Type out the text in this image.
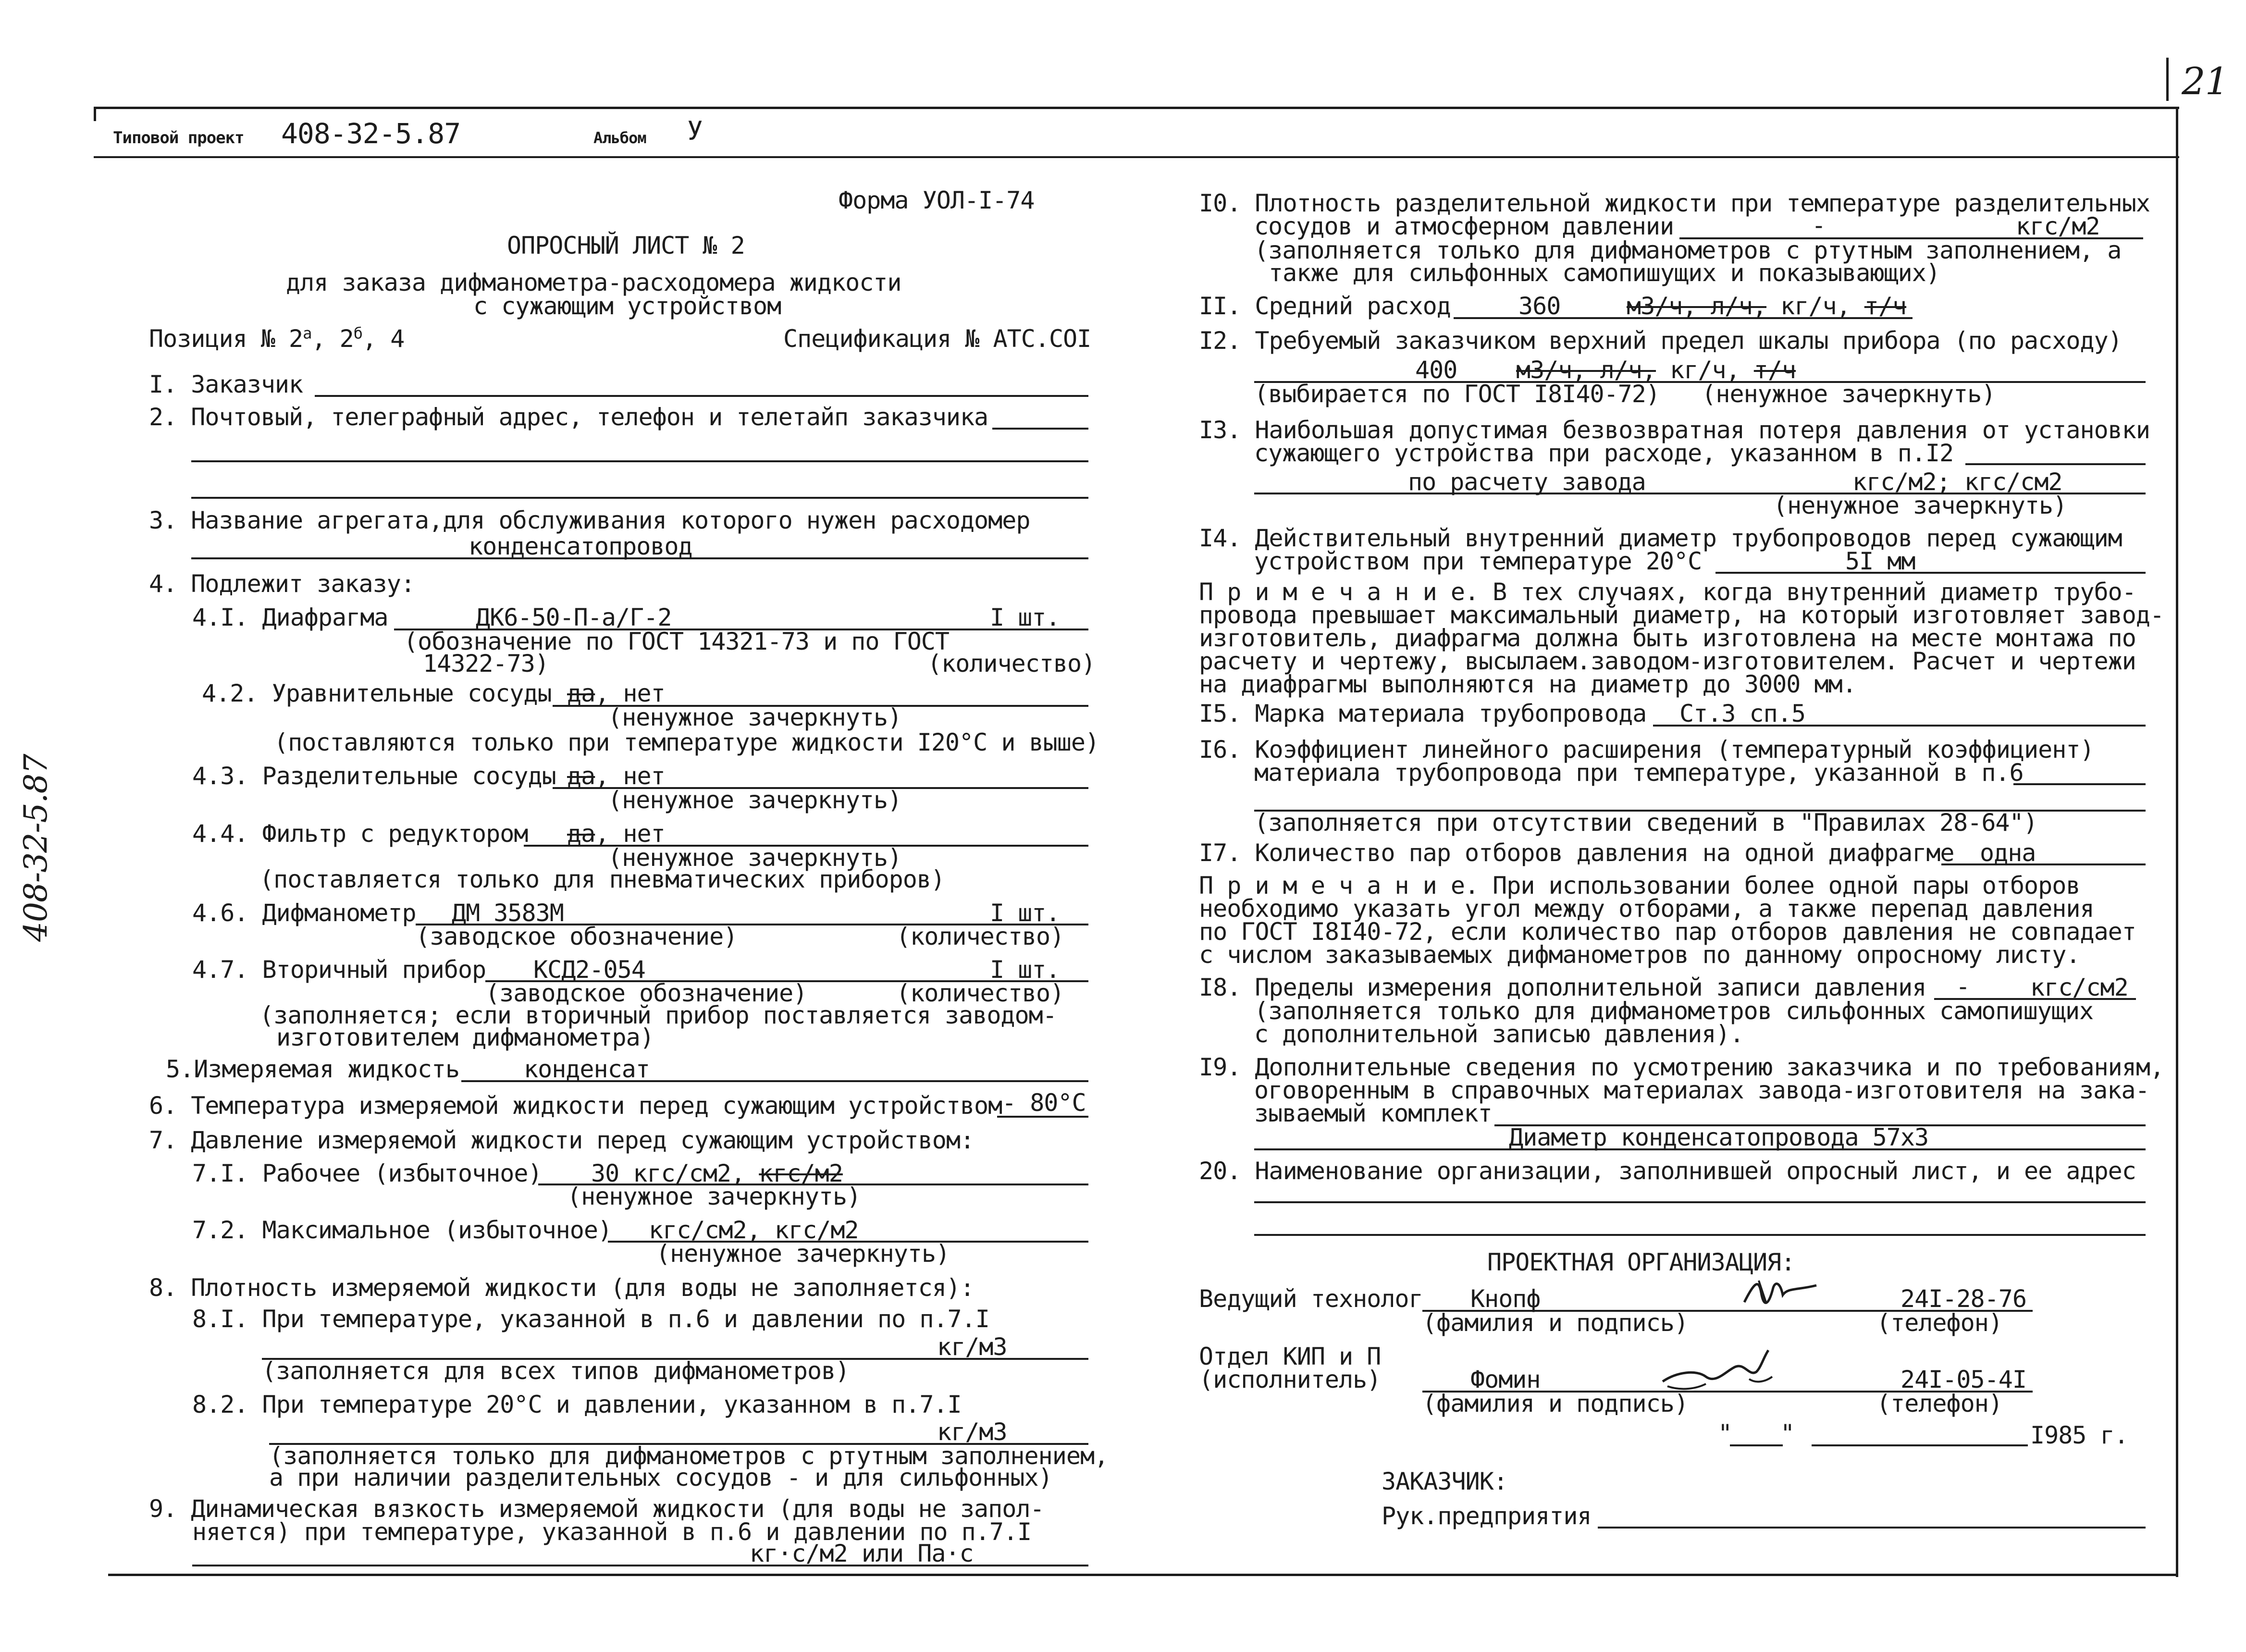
21
408-32-5.87
Типовой проект 408-32-5.87	Альбом У
Форма УОЛ-I-74
ОПРОСНЫЙ ЛИСТ № 2
для заказа дифманометра-расходомера жидкости
с сужающим устройством
Позиция № $2^а$, $2^б$, 4	Спецификация № АТС.СОI
I. Заказчик
2. Почтовый, телеграфный адрес, телефон и телетайп заказчика
3. Название агрегата,для обслуживания которого нужен расходомер
конденсатопровод
4. Подлежит заказу:
4.I. Диафрагма	ДК6-50-П-а/Г-2	I шт.
(обозначение по ГОСТ 14321-73 и по ГОСТ
14322-73)	(количество)
4.2. Уравнительные сосуды да, нет
(ненужное зачеркнуть)
(поставляются только при температуре жидкости I20°C и выше)
4.3. Разделительные сосуды да, нет
(ненужное зачеркнуть)
4.4. Фильтр с редуктором да, нет
(ненужное зачеркнуть)
(поставляется только для пневматических приборов)
4.6. Дифманометр ДМ 3583М	I шт.
(заводское обозначение)	(количество)
4.7. Вторичный прибор КСД2-054	I шт.
(заводское обозначение)	(количество)
(заполняется; если вторичный прибор поставляется заводом-
изготовителем дифманометра)
5.Измеряемая жидкость	конденсат
6. Температура измеряемой жидкости перед сужающим устройством - 80°C
7. Давление измеряемой жидкости перед сужающим устройством:
7.I. Рабочее (избыточное) 30 кгс/см2, кгс/м2
(ненужное зачеркнуть)
7.2. Максимальное (избыточное) кгс/см2, кгс/м2
(ненужное зачеркнуть)
8. Плотность измеряемой жидкости (для воды не заполняется):
8.I. При температуре, указанной в п.6 и давлении по п.7.I
кг/м3
(заполняется для всех типов дифманометров)
8.2. При температуре 20°C и давлении, указанном в п.7.I
кг/м3
(заполняется только для дифманометров с ртутным заполнением,
а при наличии разделительных сосудов - и для сильфонных)
9. Динамическая вязкость измеряемой жидкости (для воды не запол-
няется) при температуре, указанной в п.6 и давлении по п.7.I
кг·с/м2 или Па·с
I0. Плотность разделительной жидкости при температуре разделительных
сосудов и атмосферном давлении	-	кгс/м2
(заполняется только для дифманометров с ртутным заполнением, а
также для сильфонных самопишущих и показывающих)
II. Средний расход	360	м3/ч, л/ч, кг/ч, т/ч
I2. Требуемый заказчиком верхний предел шкалы прибора (по расходу)
400 м3/ч, л/ч, кг/ч, т/ч
(выбирается по ГОСТ I8I40-72)   (ненужное зачеркнуть)
I3. Наибольшая допустимая безвозвратная потеря давления от установки
сужающего устройства при расходе, указанном в п.I2
по расчету завода	кгс/м2; кгс/см2
(ненужное зачеркнуть)
I4. Действительный внутренний диаметр трубопроводов перед сужающим
устройством при температуре 20°C	5I мм
П р и м е ч а н и е. В тех случаях, когда внутренний диаметр трубо-
провода превышает максимальный диаметр, на который изготовляет завод-
изготовитель, диафрагма должна быть изготовлена на месте монтажа по
расчету и чертежу, высылаем.заводом-изготовителем. Расчет и чертежи
на диафрагмы выполняются на диаметр до 3000 мм.
I5. Марка материала трубопровода Ст.3 сп.5
I6. Коэффициент линейного расширения (температурный коэффициент)
материала трубопровода при температуре, указанной в п.6
(заполняется при отсутствии сведений в "Правилах 28-64")
I7. Количество пар отборов давления на одной диафрагме одна
П р и м е ч а н и е. При использовании более одной пары отборов
необходимо указать угол между отборами, а также перепад давления
по ГОСТ I8I40-72, если количество пар отборов давления не совпадает
с числом заказываемых дифманометров по данному опросному листу.
I8. Пределы измерения дополнительной записи давления -	кгс/см2
(заполняется только для дифманометров сильфонных самопишущих
с дополнительной записью давления).
I9. Дополнительные сведения по усмотрению заказчика и по требованиям,
оговоренным в справочных материалах завода-изготовителя на зака-
зываемый комплект
Диаметр конденсатопровода 57х3
20. Наименование организации, заполнившей опросный лист, и ее адрес
ПРОЕКТНАЯ ОРГАНИЗАЦИЯ:
Ведущий технолог Кнопф	24I-28-76
(фамилия и подпись)	(телефон)
Отдел КИП и П
(исполнитель)	Фомин	24I-05-4I
(фамилия и подпись)	(телефон)
" "	I985 г.
ЗАКАЗЧИК:
Рук.предприятия
